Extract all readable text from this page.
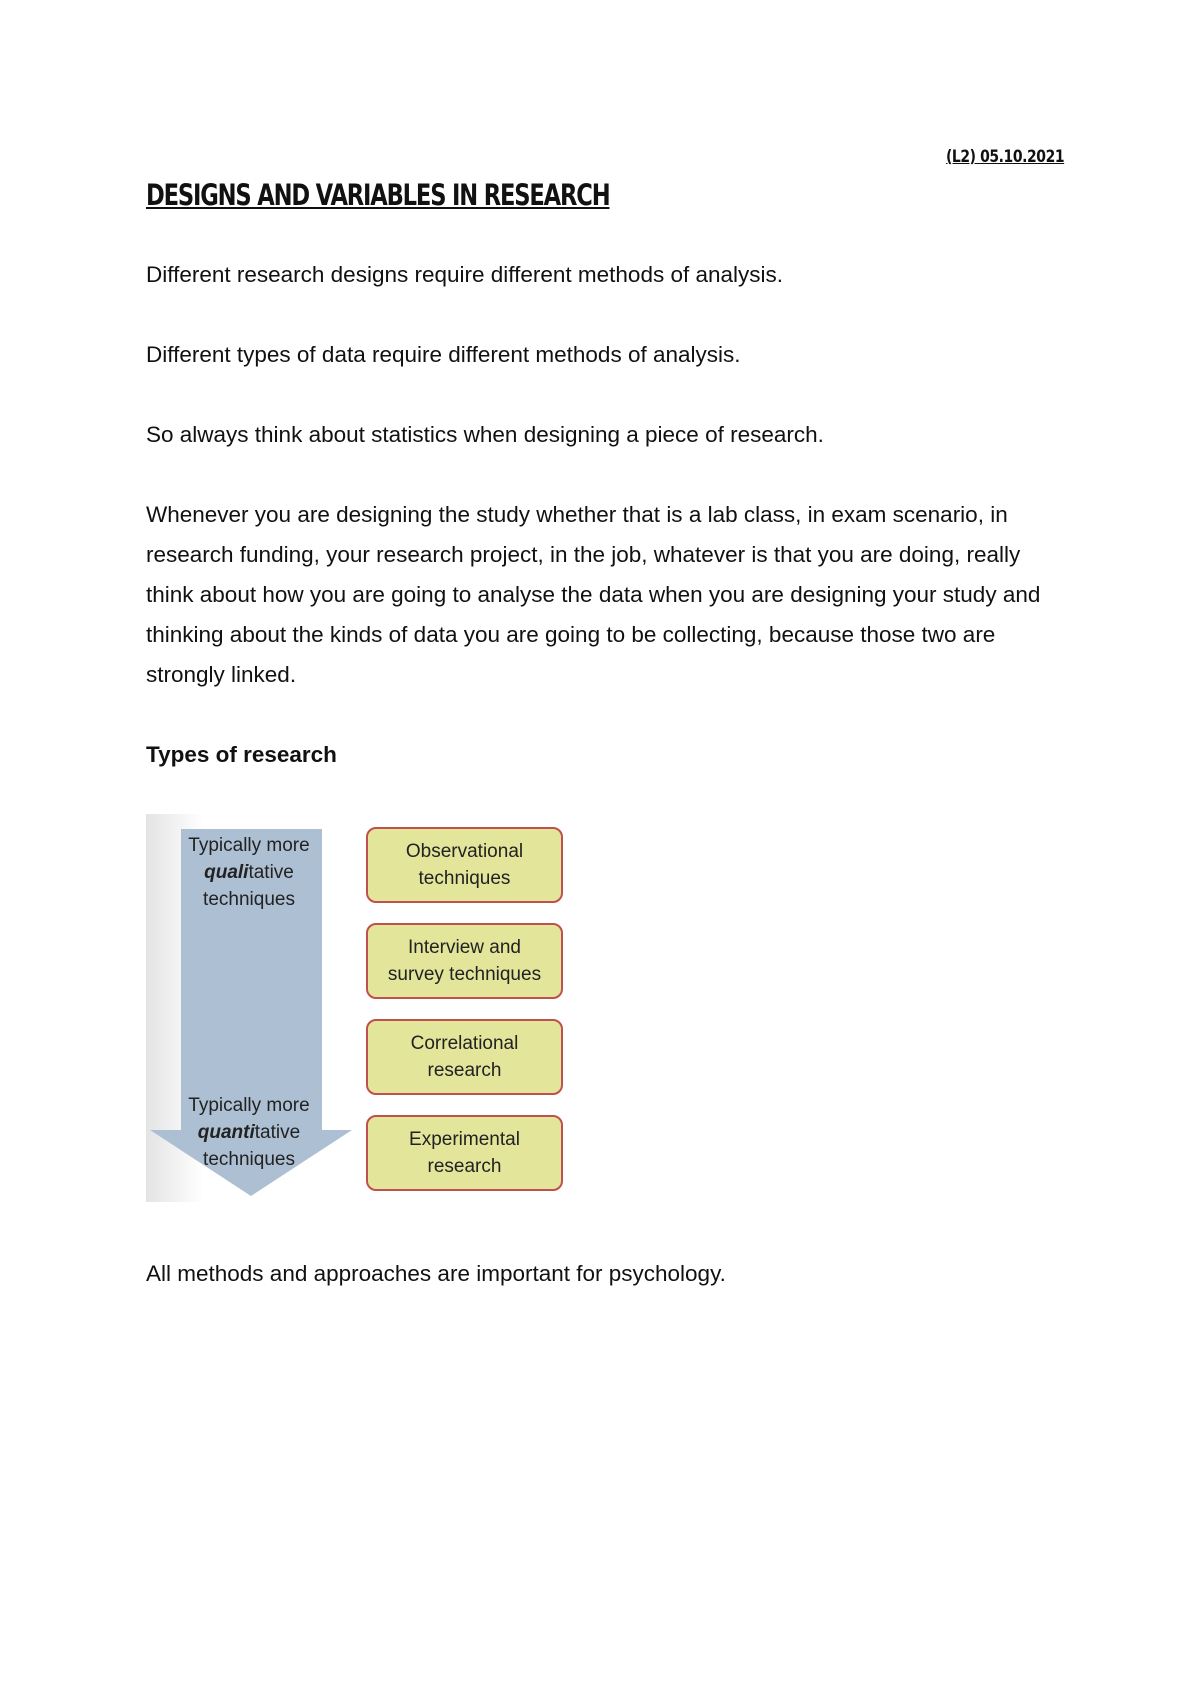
(L2) 05.10.2021
DESIGNS AND VARIABLES IN RESEARCH

Different research designs require different methods of analysis.

Different types of data require different methods of analysis.

So always think about statistics when designing a piece of research.

Whenever you are designing the study whether that is a lab class, in exam scenario, in research funding, your research project, in the job, whatever is that you are doing, really think about how you are going to analyse the data when you are designing your study and thinking about the kinds of data you are going to be collecting, because those two are strongly linked.

Types of research
Typically more
qualitative
techniques
Typically more
quantitative
techniques
Observational
techniques
Interview and
survey techniques
Correlational
research
Experimental
research

All methods and approaches are important for psychology.
